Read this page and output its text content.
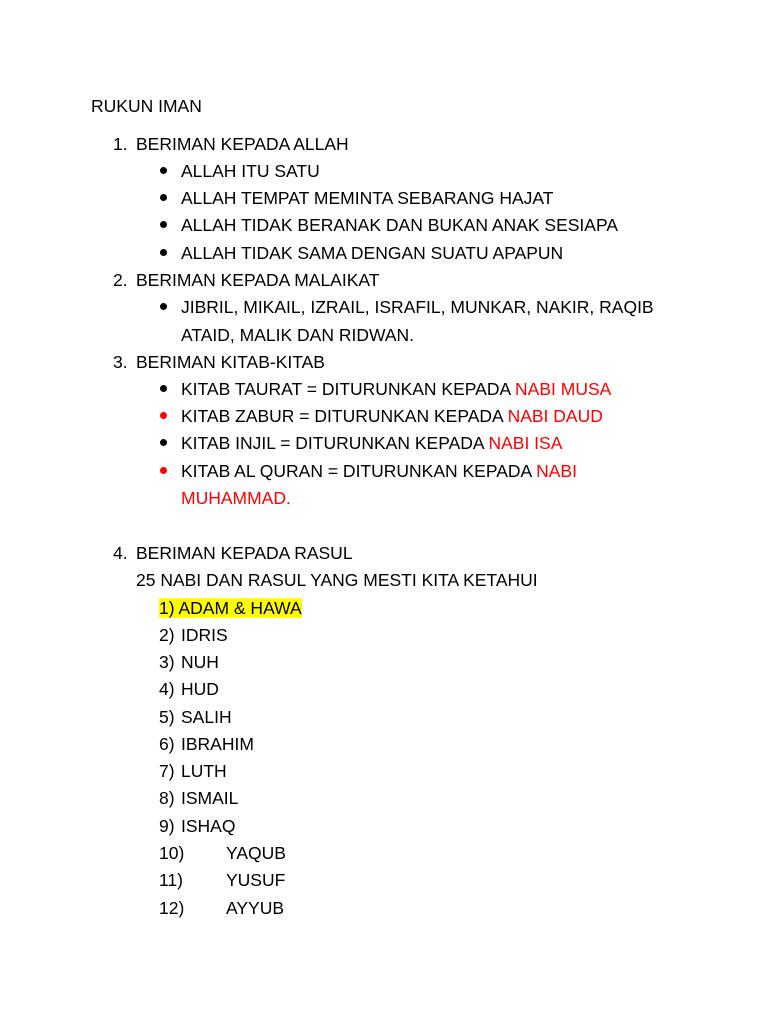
RUKUN IMAN
1. BERIMAN KEPADA ALLAH
ALLAH ITU SATU
ALLAH TEMPAT MEMINTA SEBARANG HAJAT
ALLAH TIDAK BERANAK DAN BUKAN ANAK SESIAPA
ALLAH TIDAK SAMA DENGAN SUATU APAPUN
2. BERIMAN KEPADA MALAIKAT
JIBRIL, MIKAIL, IZRAIL, ISRAFIL, MUNKAR, NAKIR, RAQIB
ATAID, MALIK DAN RIDWAN.
3. BERIMAN KITAB-KITAB
KITAB TAURAT = DITURUNKAN KEPADA NABI MUSA
KITAB ZABUR = DITURUNKAN KEPADA NABI DAUD
KITAB INJIL = DITURUNKAN KEPADA NABI ISA
KITAB AL QURAN = DITURUNKAN KEPADA NABI
MUHAMMAD.
4. BERIMAN KEPADA RASUL
25 NABI DAN RASUL YANG MESTI KITA KETAHUI
1) ADAM & HAWA
2) IDRIS
3) NUH
4) HUD
5) SALIH
6) IBRAHIM
7) LUTH
8) ISMAIL
9) ISHAQ
10) YAQUB
11) YUSUF
12) AYYUB
